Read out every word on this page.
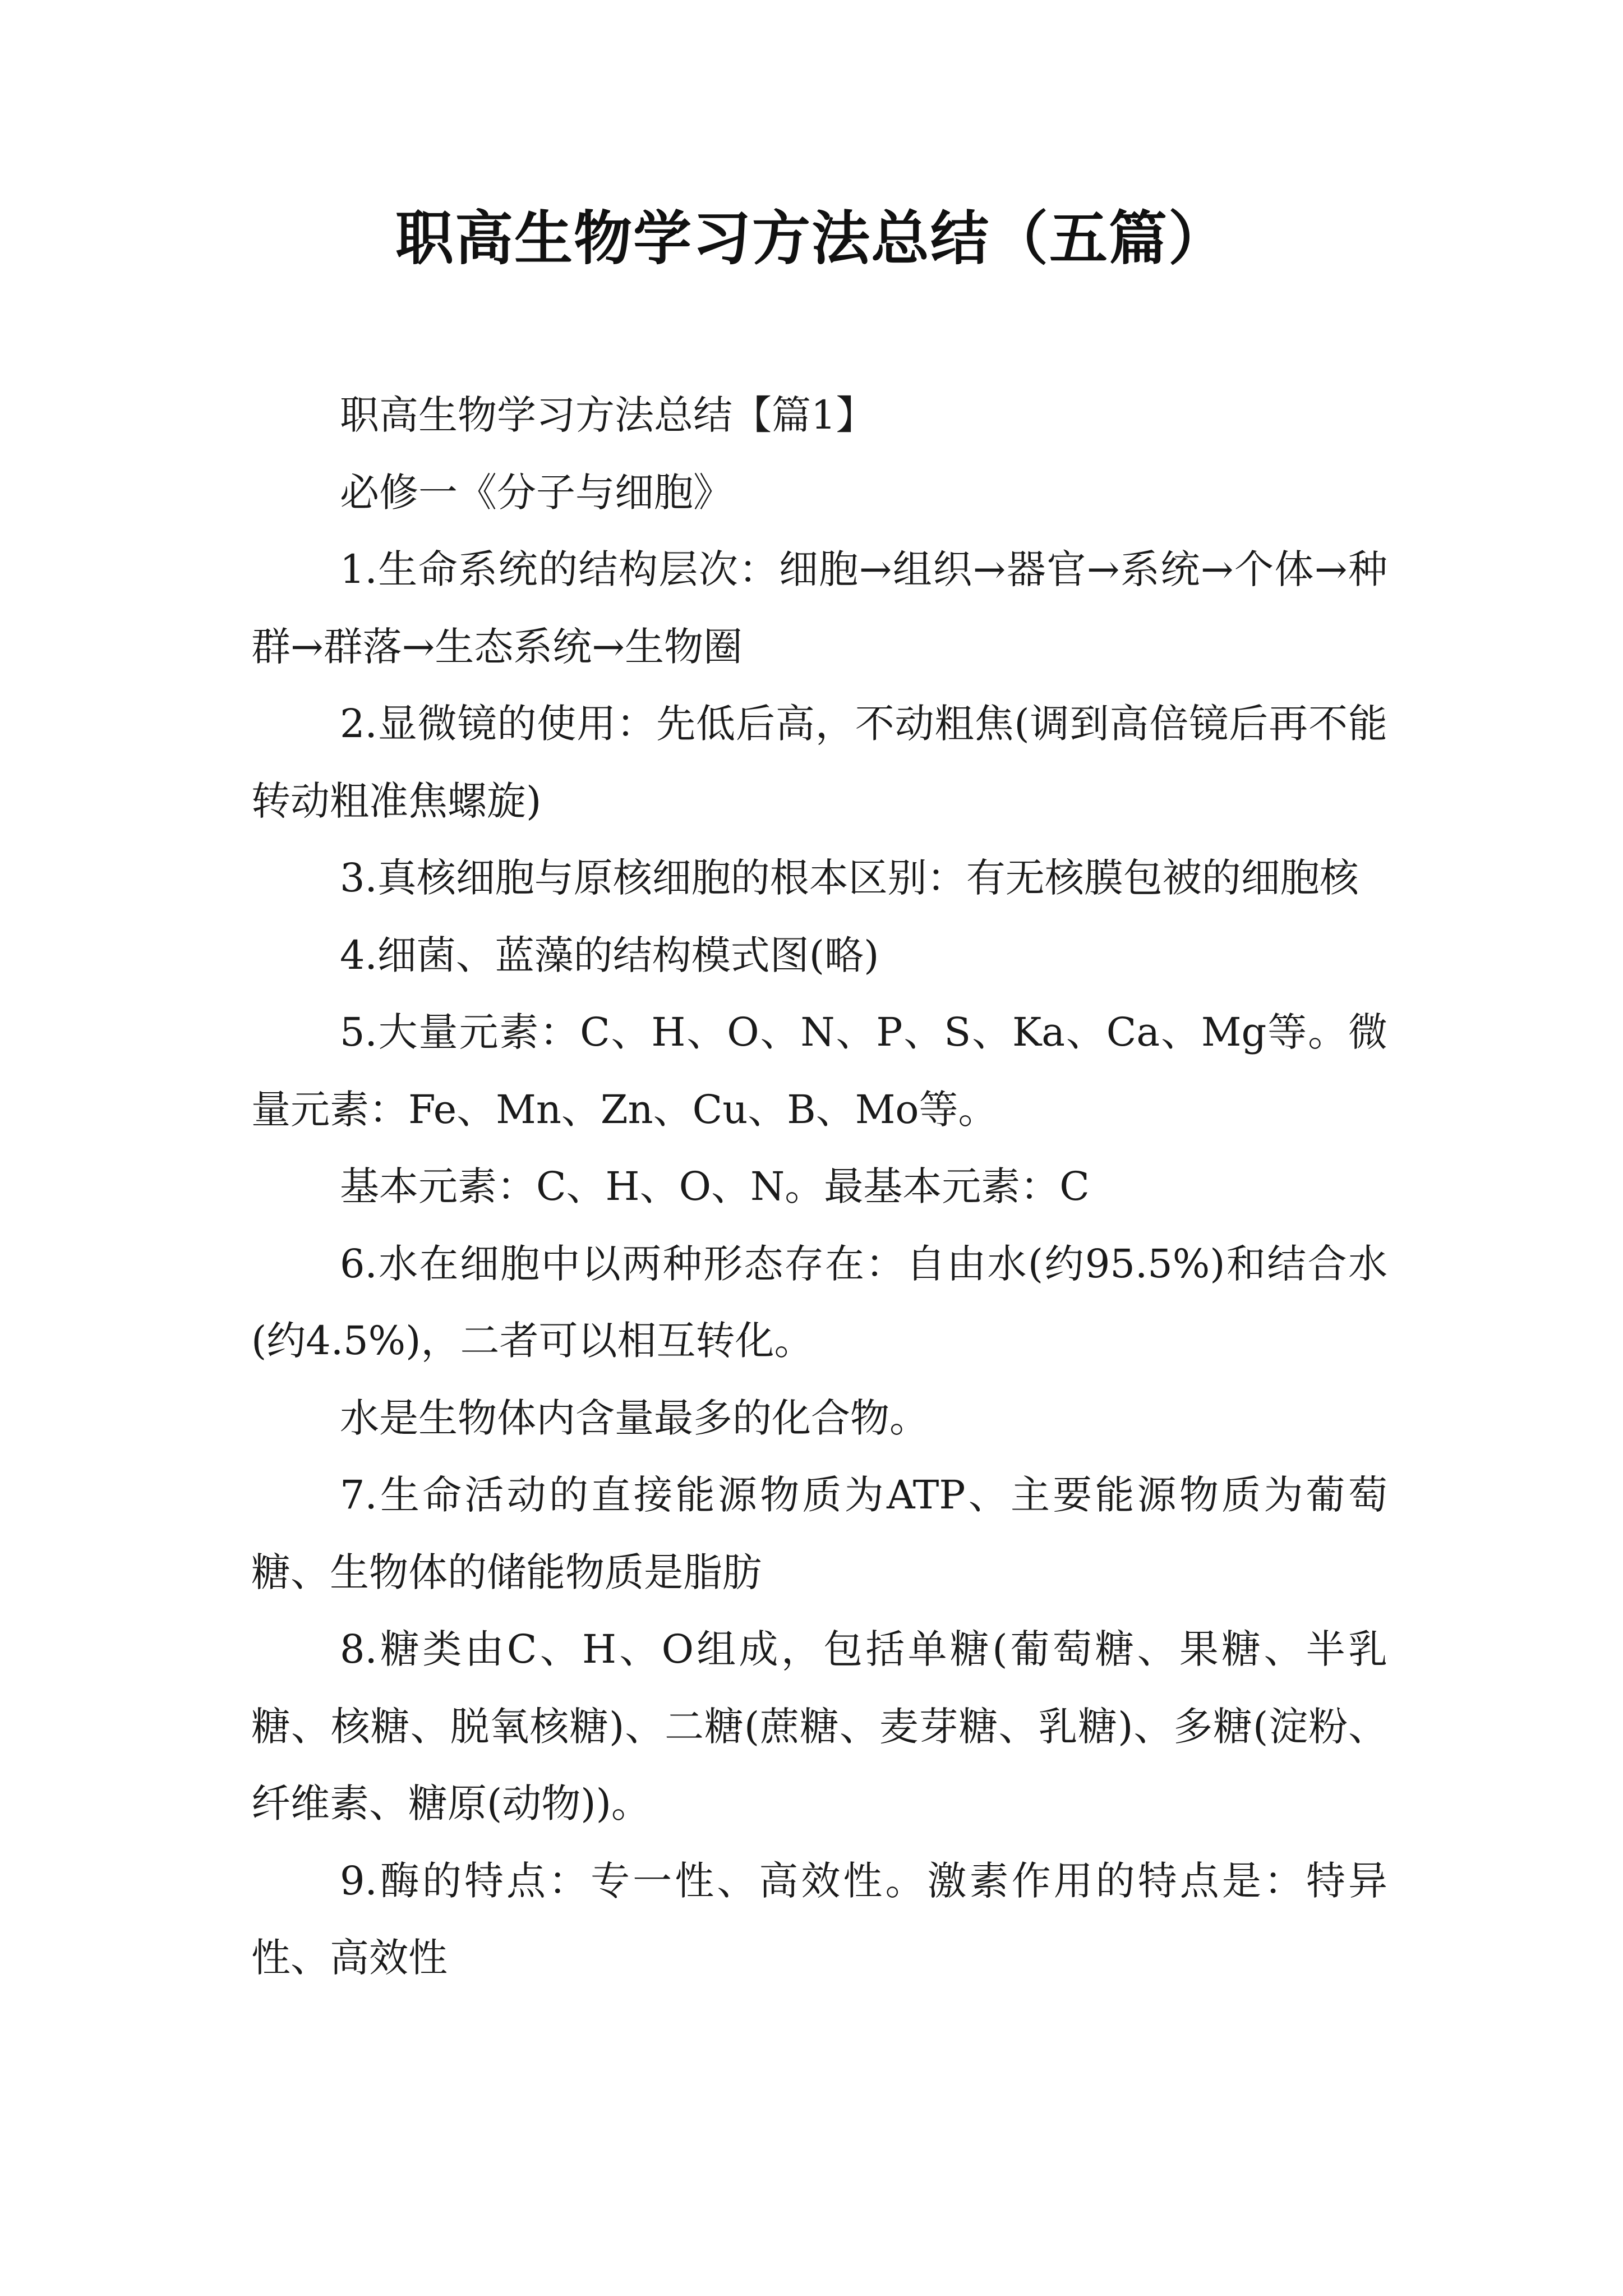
职高生物学习方法总结（五篇）

职高生物学习方法总结【篇1】

必修一《分子与细胞》

1.生命系统的结构层次：细胞→组织→器官→系统→个体→种群→群落→生态系统→生物圈

2.显微镜的使用：先低后高，不动粗焦(调到高倍镜后再不能转动粗准焦螺旋)

3.真核细胞与原核细胞的根本区别：有无核膜包被的细胞核

4.细菌、蓝藻的结构模式图(略)

5.大量元素：C、H、O、N、P、S、Ka、Ca、Mg等。微量元素：Fe、Mn、Zn、Cu、B、Mo等。

基本元素：C、H、O、N。最基本元素：C

6.水在细胞中以两种形态存在：自由水(约95.5%)和结合水(约4.5%)，二者可以相互转化。

水是生物体内含量最多的化合物。

7.生命活动的直接能源物质为ATP、主要能源物质为葡萄糖、生物体的储能物质是脂肪

8.糖类由C、H、O组成，包括单糖(葡萄糖、果糖、半乳糖、核糖、脱氧核糖)、二糖(蔗糖、麦芽糖、乳糖)、多糖(淀粉、纤维素、糖原(动物))。

9.酶的特点：专一性、高效性。激素作用的特点是：特异性、高效性
